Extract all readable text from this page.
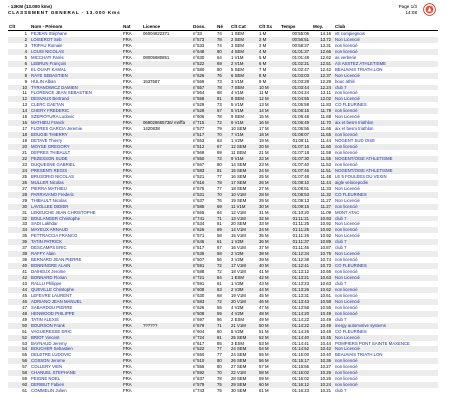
- 13KM (13.000 kms)
CLASSEMENT GENERAL - 13.000 Kms
Page 1/3
14:08
Clt	Nom - Prénom	Nat	Licence	Doss.	Né	Clt Cat	Clt Sx	Temps	Moy.	Club
1	FEJEAN Stéphane	FRA	06004822371	n°33	74	1 SEM	1 M	00:55:06	14.16	vtt compiegnois
2	LOISEROT Seb	FRA		n°573	78	2 SEM	2 M	00:56:51	13.72	Non Licencié
3	TRIPAU Romain	FRA		n°533	74	3 SEM	3 M	00:58:37	13.31	non licencié
4	LOUIS NICOLAS	FRA		n°648	80	4 SEM	4 M	01:01:37	12.66	non licencié
5	MICCHATI Farès	FRA	08005880851	n°630	64	1 V1M	5 M	01:01:48	12.62	as verberie
6	LEBRUN François	FRA		n°522	69	2 V1M	6 M	01:02:21	12.51	AS ASSTEZ ATHLETISME
7	EL OUAFI KAMAL	FRA		n°580	80	5 SEM	7 M	01:02:47	12.42	BEAUVAIS TRIATH.LON
8	RAYE SEBASTIEN	FRA		n°626	76	6 SEM	8 M	01:03:03	12.37	Non Licencié
9	HULIN Alban	FRA	1537687	n°569	73	3 V1M	9 M	01:03:28	12.29	bouc athlé
10	TYRANOWICZ DAMIEN	FRA		n°557	78	7 SEM	10 M	01:03:44	12.24	club 7
11	FLORENCE JEAN SEBASTIEN	FRA		n°564	68	4 V1M	11 M	01:04:24	12.11	non licencié
12	DESVAUX Bertrand	FRA		n°558	81	8 SEM	12 M	01:04:55	12.02	Non Licencié
13	CLERC GAETAN	FRA		n°529	73	5 V1M	13 M	01:05:58	11.83	CO FLEURINES
14	CHERY FREDERIC	FRA		n°529	67	5 V1M	14 M	01:06:15	11.78	non licencié
15	SZEPIOTURA Ludovic	FRA		n°606	78	9 SEM	15 M	01:06:48	11.68	Non Licencié
16	MATHIEU Franck	FRA	069028665736/ mr/ffa	n°715	72	6 V1M	16 M	01:06:49	11.70	aix et besm triathlon
17	FLORES GARCIA Jeremie	FRA	1420838	n°577	79	10 SEM	17 M	01:06:56	11.66	aix et besm triathlon
18	BOUGIE THIERRY	FRA		n°517	70	7 V1M	18 M	01:08:07	11.65	non licencié
19	DETAVE Thierry	FRA		n°553	63	1 V2M	19 M	01:08:11	11.44	NOGENT SUD OISE
20	MOYSE GREGORY	FRA		n°512	67	12 SEM	20 M	01:07:15	11.60	non licencié
21	DEPRES THIBAULT	FRA		n°569	69	11 SEM	21 M	01:07:18	11.59	non licencié
22	PEZESSON SUDE	FRA		n°550	72	9 V1M	22 M	01:07:30	11.55	NOGENT/OISE ATHLETISME
23	DUQUESNE GABRIEL	FRA		n°567	80	14 SEM	23 M	01:07:40	11.53	non licencié
24	PRESENTI REGIS	FRA		n°583	81	15 SEM	24 M	01:07:46	11.51	NOGENT/OISE ATHLETISME
25	BRUSORIO NICOLAS	FRA		n°521	77	16 SEM	25 M	01:07:48	11.48	LE 5 FOULEES DU VEXIN
26	MULLER Nicolas	FRA		n°616	78	17 SEM	26 M	01:08:10	11.44	aigle velocepcdie
27	PIERRA MATHIEU	FRA		n°575	77	18 SEM	27 M	01:08:51	11.33	Non Licencié
28	PARRAVANO Frederic	FRA		n°531	70	10 V1M	28 M	01:08:53	11.32	CO FLEURINES
29	THIBAULT Nicolas	FRA		n°637	76	19 SEM	29 M	01:09:13	11.27	Non Licencié
30	LAVOLLEE DIDIER	FRA		n°585	69	11 V1M	30 M	01:09:15	11.27	non licencié
31	LEKEUCHE JEAN CHRISTOPHE	FRA		n°565	64	12 V1M	31 M	01:10:20	11.09	MONT ATAC
32	BOULANGER Christophe	FRA		n°741	71	13 V1M	32 M	01:11:21	10.93	club 7
33	SADI Lakhdar	FRA		n°534	81	20 SEM	33 M	01:11:25	10.92	Non Licencié
34	MAYEUX ARNAUD	FRA		n°626	69	14 V1M	34 M	01:11:25	10.92	non licencié
35	PETTRACCIA FRANCO	FRA		n°571	58	15 V1M	35 M	01:11:26	10.92	Non Licencié
36	TATIN PATRICK	FRA		n°646	61	1 V2M	36 M	01:11:37	10.89	club 7
37	DESCAMPS ERIC	FRA		n°517	67	16 V1M	37 M	01:11:46	10.87	club 7
38	RAFFY Alain	FRA		n°536	58	2 V2M	38 M	01:12:34	10.75	Non Licencié
39	BERNARD JEAN PIERRE	FRA		n°507	56	3 V2M	39 M	01:12:38	10.74	non licencié
40	BONNINGRE ALAIN	FRA		n°591	72	17 V1M	40 M	01:12:41	10.73	CO FLEURINES
41	DAIHEUX Jerome	FRA		n°588	72	18 V1M	41 M	01:13:12	10.66	non licencié
42	BONNARD Florian	FRA		n°721	84	1 ESM	42 M	01:13:21	10.63	Non Licencié
43	RALLU Philippe	FRA		n°591	61	1 V3M	43 M	01:13:23	10.63	club 7
44	QUEVILLE Christophe	FRA		n°608	63	2 V3M	44 M	01:13:26	10.62	non licencié
45	LEFEVRE LAURENT	FRA		n°630	68	19 V1M	45 M	01:13:31	10.61	non licencié
46	ADRIANO JEAN MANUEL	FRA		n°583	72	20 V1M	46 M	01:13:43	10.58	Non Licencié
47	SABARDOU PIERRE	FRA		n°626	55	4 V2M	47 M	01:13:58	10.55	non licencié
48	HENWOOD PHILIPPE	FRA		n°508	59	4 V2M	48 M	01:14:20	10.49	non licencié
49	TATIN ALEXIS	FRA		n°697	86	2 ESM	49 M	01:14:22	10.49	club 7
50	BOURSON Frank	FRA	??????	n°679	71	21 V1M	50 M	01:14:22	10.49	inergy automotive systems
51	VAGUERESSE ERIC	FRA		n°604	60	5 V2M	51 M	01:14:26	10.48	CO FLEURINES
52	BRIOT Vincent	FRA		n°724	81	25 SEM	52 M	01:14:40	10.45	Non Licencié
53	BAYNAUD Jeremy	FRA		n°617	85	3 ESM	53 M	01:14:41	10.44	POMPIERS PONT SAINTE MAXENCE
54	BOUCHER Sebastien	FRA		n°522	77	24 SEM	54 M	01:14:52	10.42	Non Licencié
55	DELETRE LUDOVIC	FRA		n°650	77	24 SEM	55 M	01:15:00	10.40	BEAUVAIS TRIATH.LON
56	COSSON Jerome	FRA		n°510	80	26 SEM	56 M	01:15:17	10.36	non licencié
57	COLLERY VIEN	FRA		n°555	80	27 SEM	57 M	01:15:55	10.27	non licencié
58	CHANUEL STEPHANE	FRA		n°592	70	22 V1M	58 M	01:16:02	10.26	non licencié
59	PEIGNE NOEL	FRA		n°637	78	28 SEM	59 M	01:16:02	10.26	non licencié
60	DERIBUT Fabien	FRA		n°579	75	29 SEM	60 M	01:16:12	10.24	non licencié
61	COMMELIN Julien	FRA		n°743	75	30 SEM	61 M	01:16:23	10.21	club 7
